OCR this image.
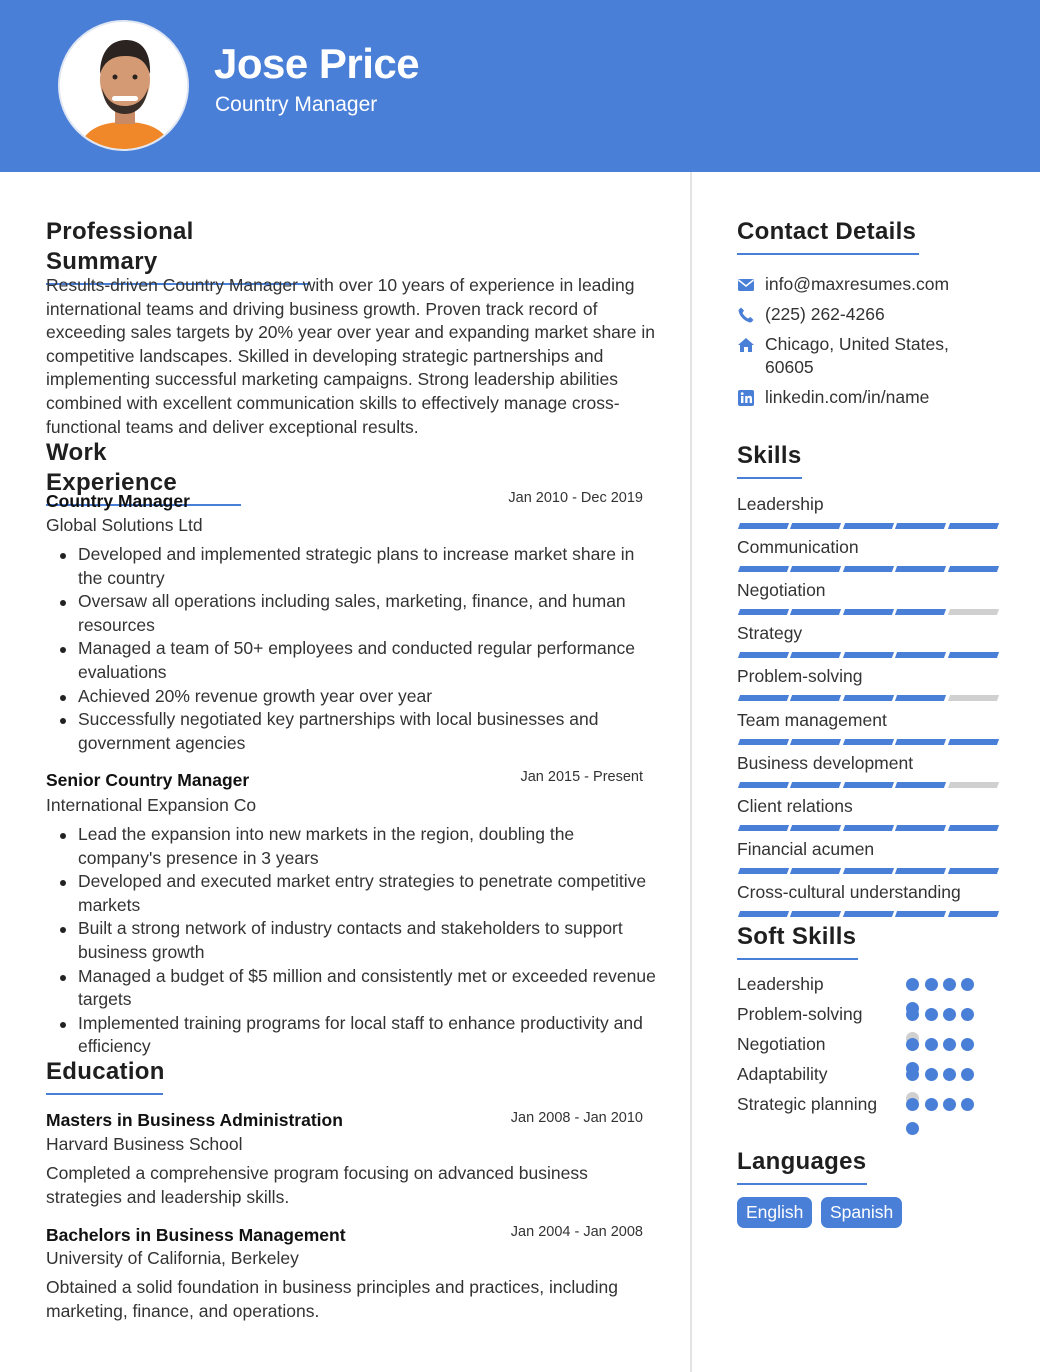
Jose Price
Country Manager
Professional Summary
Results-driven Country Manager with over 10 years of experience in leading international teams and driving business growth. Proven track record of exceeding sales targets by 20% year over year and expanding market share in competitive landscapes. Skilled in developing strategic partnerships and implementing successful marketing campaigns. Strong leadership abilities combined with excellent communication skills to effectively manage cross-functional teams and deliver exceptional results.
Work Experience
Country Manager	Jan 2010 - Dec 2019
Global Solutions Ltd
Developed and implemented strategic plans to increase market share in the country
Oversaw all operations including sales, marketing, finance, and human resources
Managed a team of 50+ employees and conducted regular performance evaluations
Achieved 20% revenue growth year over year
Successfully negotiated key partnerships with local businesses and government agencies
Senior Country Manager	Jan 2015 - Present
International Expansion Co
Lead the expansion into new markets in the region, doubling the company's presence in 3 years
Developed and executed market entry strategies to penetrate competitive markets
Built a strong network of industry contacts and stakeholders to support business growth
Managed a budget of $5 million and consistently met or exceeded revenue targets
Implemented training programs for local staff to enhance productivity and efficiency
Education
Masters in Business Administration	Jan 2008 - Jan 2010
Harvard Business School
Completed a comprehensive program focusing on advanced business strategies and leadership skills.
Bachelors in Business Management	Jan 2004 - Jan 2008
University of California, Berkeley
Obtained a solid foundation in business principles and practices, including marketing, finance, and operations.
Contact Details
info@maxresumes.com
(225) 262-4266
Chicago, United States, 60605
linkedin.com/in/name
Skills
Leadership
Communication
Negotiation
Strategy
Problem-solving
Team management
Business development
Client relations
Financial acumen
Cross-cultural understanding
Soft Skills
Leadership
Problem-solving
Negotiation
Adaptability
Strategic planning
Languages
English	Spanish
